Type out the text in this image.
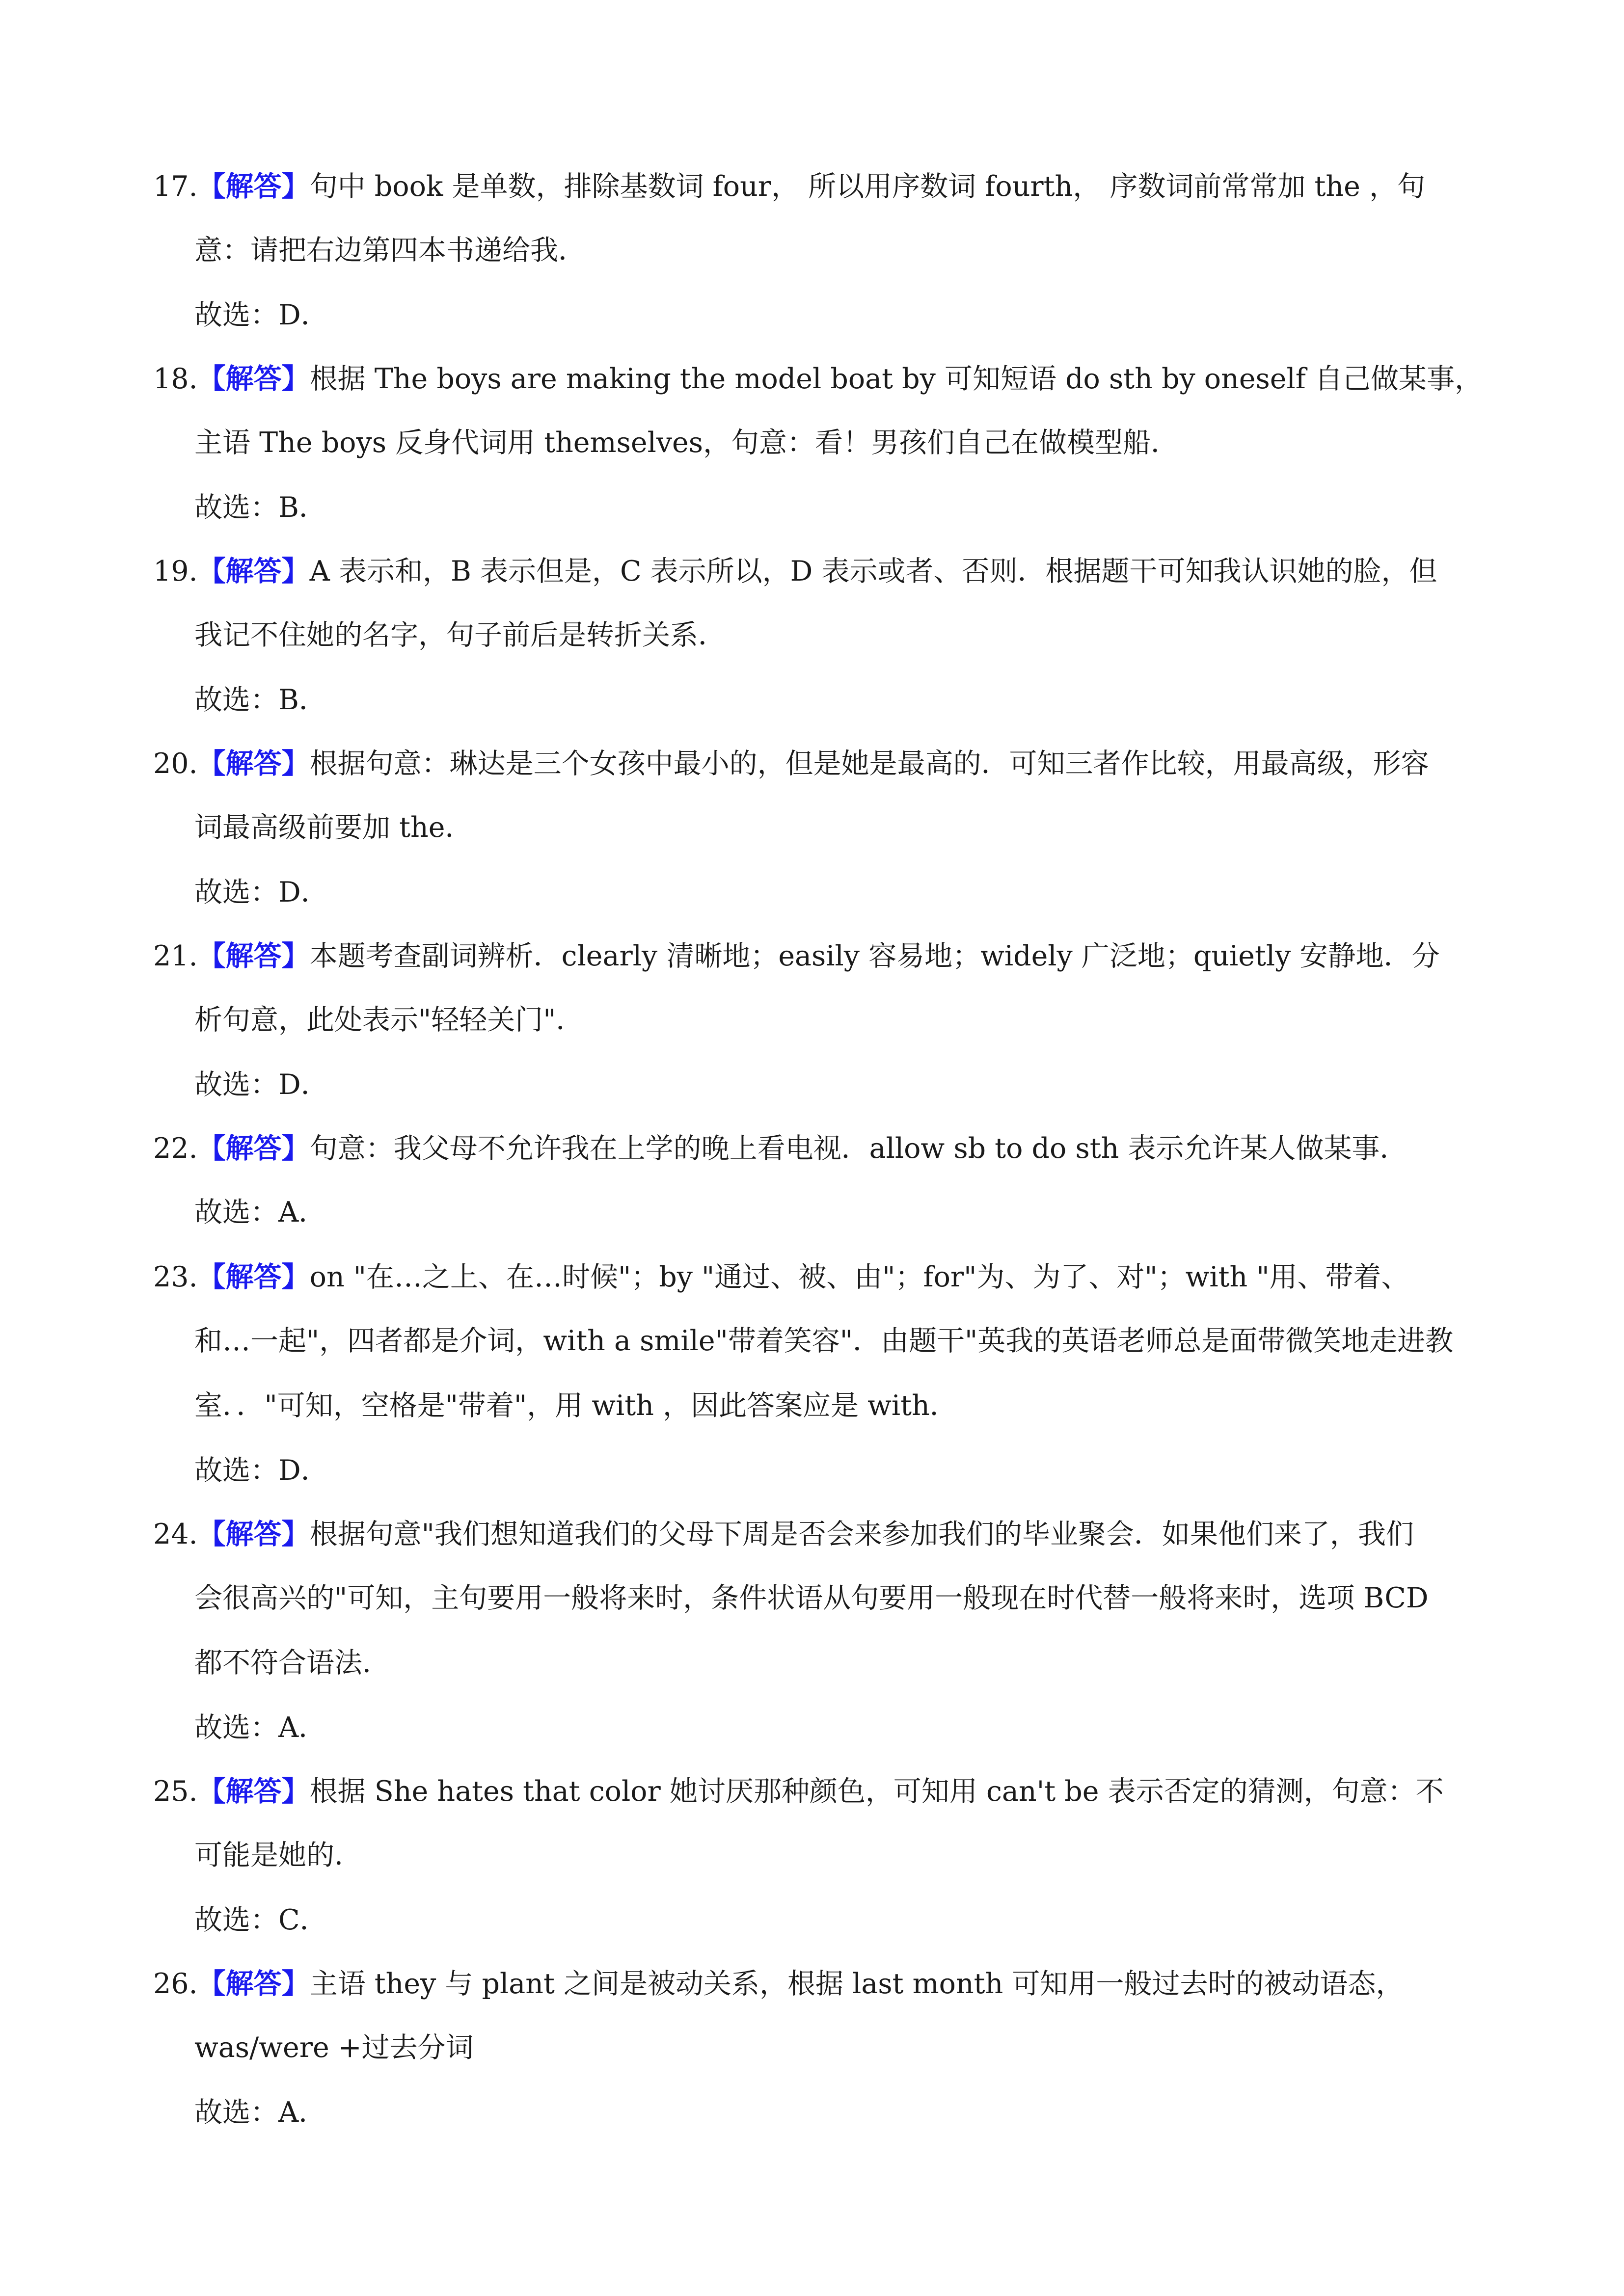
17.【解答】句中 book 是单数，排除基数词 four， 所以用序数词 fourth， 序数词前常常加 the ，句
意：请把右边第四本书递给我．
故选：D．
18.【解答】根据 The boys are making the model boat by 可知短语 do sth by oneself 自己做某事，
主语 The boys 反身代词用 themselves，句意：看！男孩们自己在做模型船．
故选：B．
19.【解答】A 表示和，B 表示但是，C 表示所以，D 表示或者、否则．根据题干可知我认识她的脸，但
我记不住她的名字，句子前后是转折关系．
故选：B．
20.【解答】根据句意：琳达是三个女孩中最小的，但是她是最高的．可知三者作比较，用最高级，形容
词最高级前要加 the．
故选：D．
21.【解答】本题考查副词辨析．clearly 清晰地；easily 容易地；widely 广泛地；quietly 安静地．分
析句意，此处表示"轻轻关门"．
故选：D．
22.【解答】句意：我父母不允许我在上学的晚上看电视．allow sb to do sth 表示允许某人做某事．
故选：A．
23.【解答】on "在…之上、在…时候"；by "通过、被、由"；for"为、为了、对"；with "用、带着、
和…一起"，四者都是介词，with a smile"带着笑容"．由题干"英我的英语老师总是面带微笑地走进教
室．．"可知，空格是"带着"，用 with ，因此答案应是 with．
故选：D．
24.【解答】根据句意"我们想知道我们的父母下周是否会来参加我们的毕业聚会．如果他们来了，我们
会很高兴的"可知，主句要用一般将来时，条件状语从句要用一般现在时代替一般将来时，选项 BCD
都不符合语法．
故选：A．
25.【解答】根据 She hates that color 她讨厌那种颜色，可知用 can't be 表示否定的猜测，句意：不
可能是她的．
故选：C．
26.【解答】主语 they 与 plant 之间是被动关系，根据 last month 可知用一般过去时的被动语态，
was/were +过去分词
故选：A．
